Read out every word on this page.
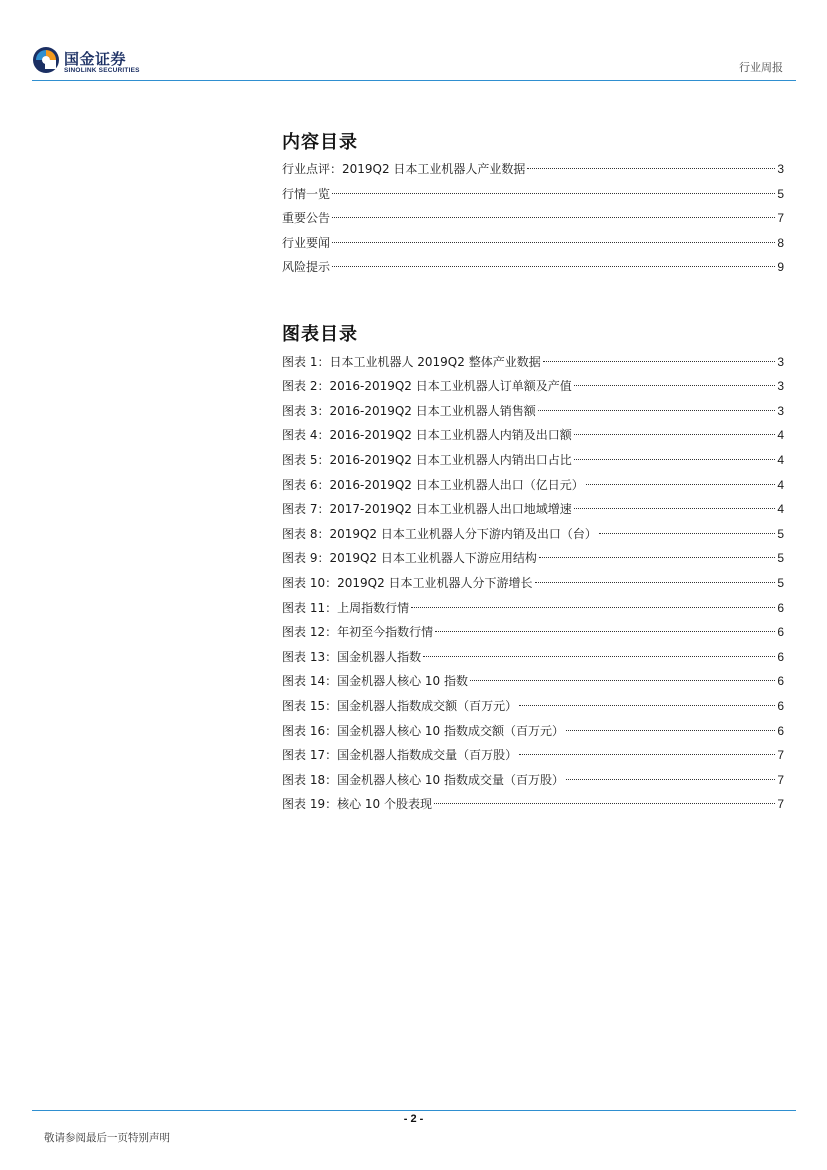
国金证券
SINOLINK SECURITIES	行业周报
内容目录
行业点评：2019Q2 日本工业机器人产业数据	3
行情一览	5
重要公告	7
行业要闻	8
风险提示	9
图表目录
图表 1：日本工业机器人 2019Q2 整体产业数据	3
图表 2：2016-2019Q2 日本工业机器人订单额及产值	3
图表 3：2016-2019Q2 日本工业机器人销售额	3
图表 4：2016-2019Q2 日本工业机器人内销及出口额	4
图表 5：2016-2019Q2 日本工业机器人内销出口占比	4
图表 6：2016-2019Q2 日本工业机器人出口（亿日元）	4
图表 7：2017-2019Q2 日本工业机器人出口地域增速	4
图表 8：2019Q2 日本工业机器人分下游内销及出口（台）	5
图表 9：2019Q2 日本工业机器人下游应用结构	5
图表 10：2019Q2 日本工业机器人分下游增长	5
图表 11：上周指数行情	6
图表 12：年初至今指数行情	6
图表 13：国金机器人指数	6
图表 14：国金机器人核心 10 指数	6
图表 15：国金机器人指数成交额（百万元）	6
图表 16：国金机器人核心 10 指数成交额（百万元）	6
图表 17：国金机器人指数成交量（百万股）	7
图表 18：国金机器人核心 10 指数成交量（百万股）	7
图表 19：核心 10 个股表现	7
- 2 -
敬请参阅最后一页特别声明
